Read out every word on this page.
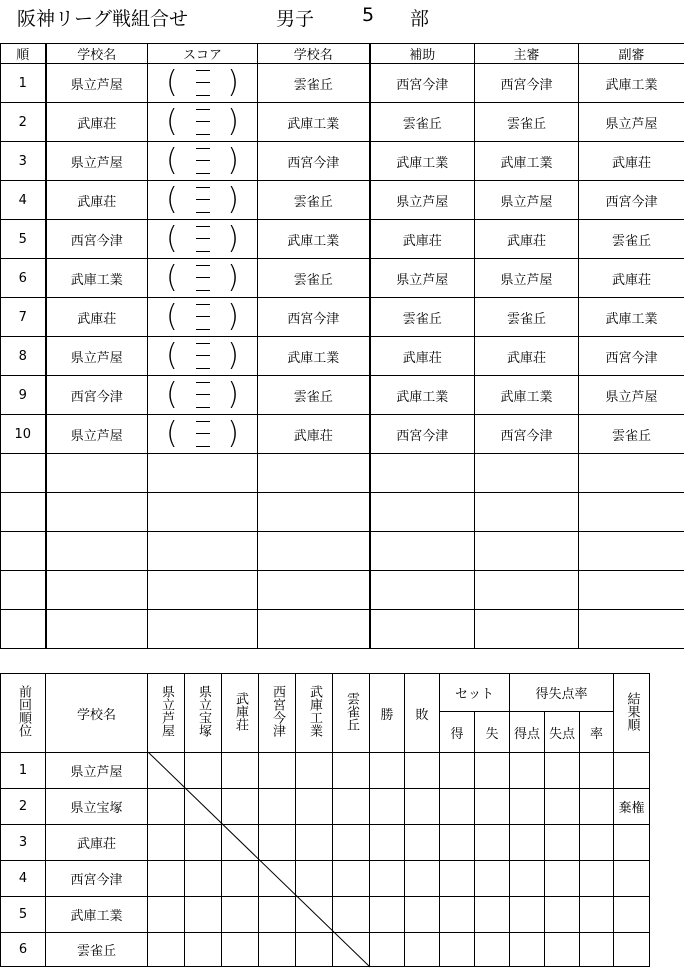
阪神リーグ戦組合せ	男子	5 部
順	学校名	スコア	学校名	補助	主審	副審
1	県立芦屋	( )	雲雀丘	西宮今津	西宮今津	武庫工業
2	武庫荘	( )	武庫工業	雲雀丘	雲雀丘	県立芦屋
3	県立芦屋	( )	西宮今津	武庫工業	武庫工業	武庫荘
4	武庫荘	( )	雲雀丘	県立芦屋	県立芦屋	西宮今津
5	西宮今津	( )	武庫工業	武庫荘	武庫荘	雲雀丘
6	武庫工業	( )	雲雀丘	県立芦屋	県立芦屋	武庫荘
7	武庫荘	( )	西宮今津	雲雀丘	雲雀丘	武庫工業
8	県立芦屋	( )	武庫工業	武庫荘	武庫荘	西宮今津
9	西宮今津	( )	雲雀丘	武庫工業	武庫工業	県立芦屋
10	県立芦屋	( )	武庫荘	西宮今津	西宮今津	雲雀丘

前回順位	学校名	県立芦屋	県立宝塚	武庫荘	西宮今津	武庫工業	雲雀丘	勝	敗	セット		得失点率			結果順
										得	失	得点	失点	率	
1	県立芦屋														
2	県立宝塚														棄権
3	武庫荘														
4	西宮今津														
5	武庫工業														
6	雲雀丘														
